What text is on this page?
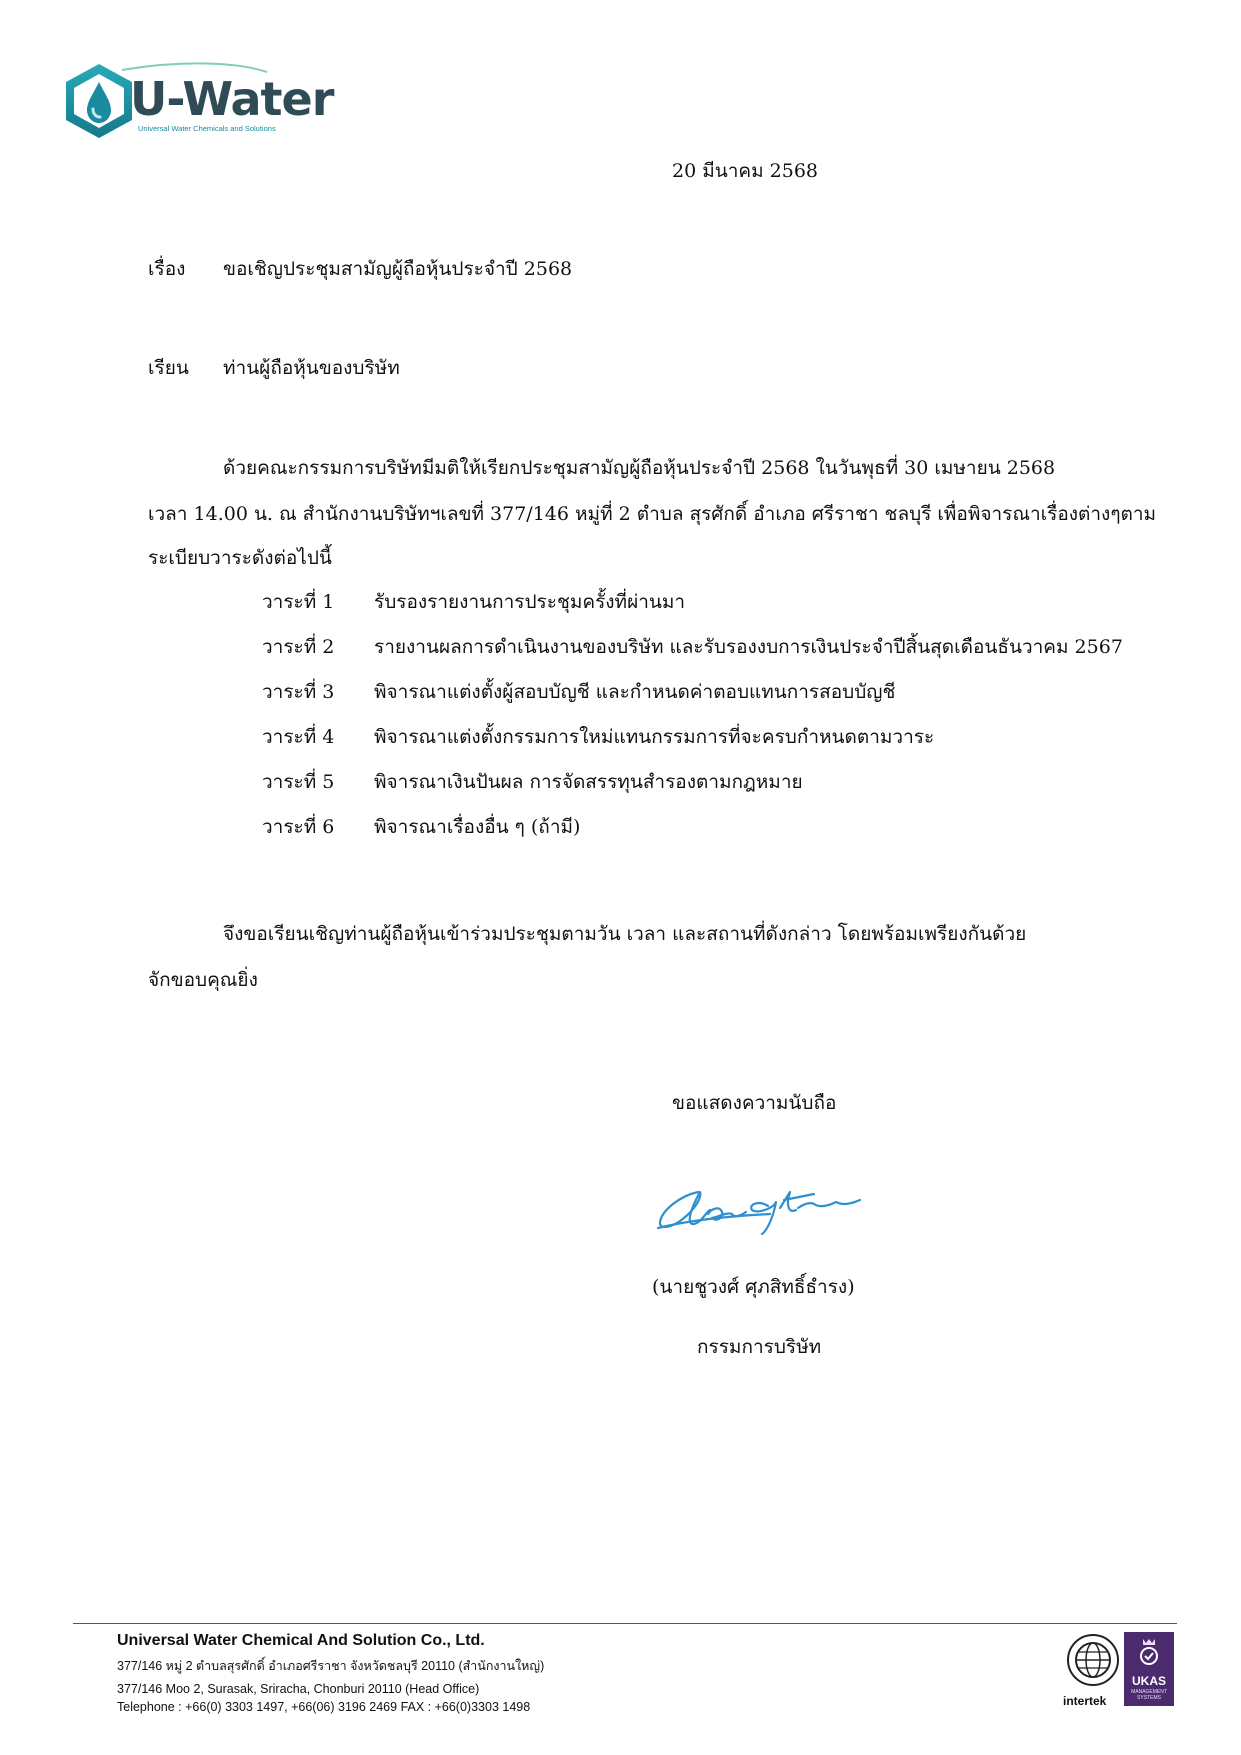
U-Water
Universal Water Chemicals and Solutions
20 มีนาคม 2568
เรื่อง ขอเชิญประชุมสามัญผู้ถือหุ้นประจำปี 2568
เรียน ท่านผู้ถือหุ้นของบริษัท
ด้วยคณะกรรมการบริษัทมีมติให้เรียกประชุมสามัญผู้ถือหุ้นประจำปี 2568 ในวันพุธที่ 30 เมษายน 2568
เวลา 14.00 น. ณ สำนักงานบริษัทฯเลขที่ 377/146 หมู่ที่ 2 ตำบล สุรศักดิ์ อำเภอ ศรีราชา ชลบุรี เพื่อพิจารณาเรื่องต่างๆตาม
ระเบียบวาระดังต่อไปนี้
วาระที่ 1 รับรองรายงานการประชุมครั้งที่ผ่านมา
วาระที่ 2 รายงานผลการดำเนินงานของบริษัท และรับรองงบการเงินประจำปีสิ้นสุดเดือนธันวาคม 2567
วาระที่ 3 พิจารณาแต่งตั้งผู้สอบบัญชี และกำหนดค่าตอบแทนการสอบบัญชี
วาระที่ 4 พิจารณาแต่งตั้งกรรมการใหม่แทนกรรมการที่จะครบกำหนดตามวาระ
วาระที่ 5 พิจารณาเงินปันผล การจัดสรรทุนสำรองตามกฎหมาย
วาระที่ 6 พิจารณาเรื่องอื่น ๆ (ถ้ามี)
จึงขอเรียนเชิญท่านผู้ถือหุ้นเข้าร่วมประชุมตามวัน เวลา และสถานที่ดังกล่าว โดยพร้อมเพรียงกันด้วย
จักขอบคุณยิ่ง
ขอแสดงความนับถือ
(นายชูวงศ์ ศุภสิทธิ์ธำรง)
กรรมการบริษัท
Universal Water Chemical And Solution Co., Ltd.
377/146 หมู่ 2 ตำบลสุรศักดิ์ อำเภอศรีราชา จังหวัดชลบุรี 20110 (สำนักงานใหญ่)
377/146 Moo 2, Surasak, Sriracha, Chonburi 20110 (Head Office)
Telephone : +66(0) 3303 1497, +66(06) 3196 2469 FAX : +66(0)3303 1498	intertek
UKAS
MANAGEMENT SYSTEMS
